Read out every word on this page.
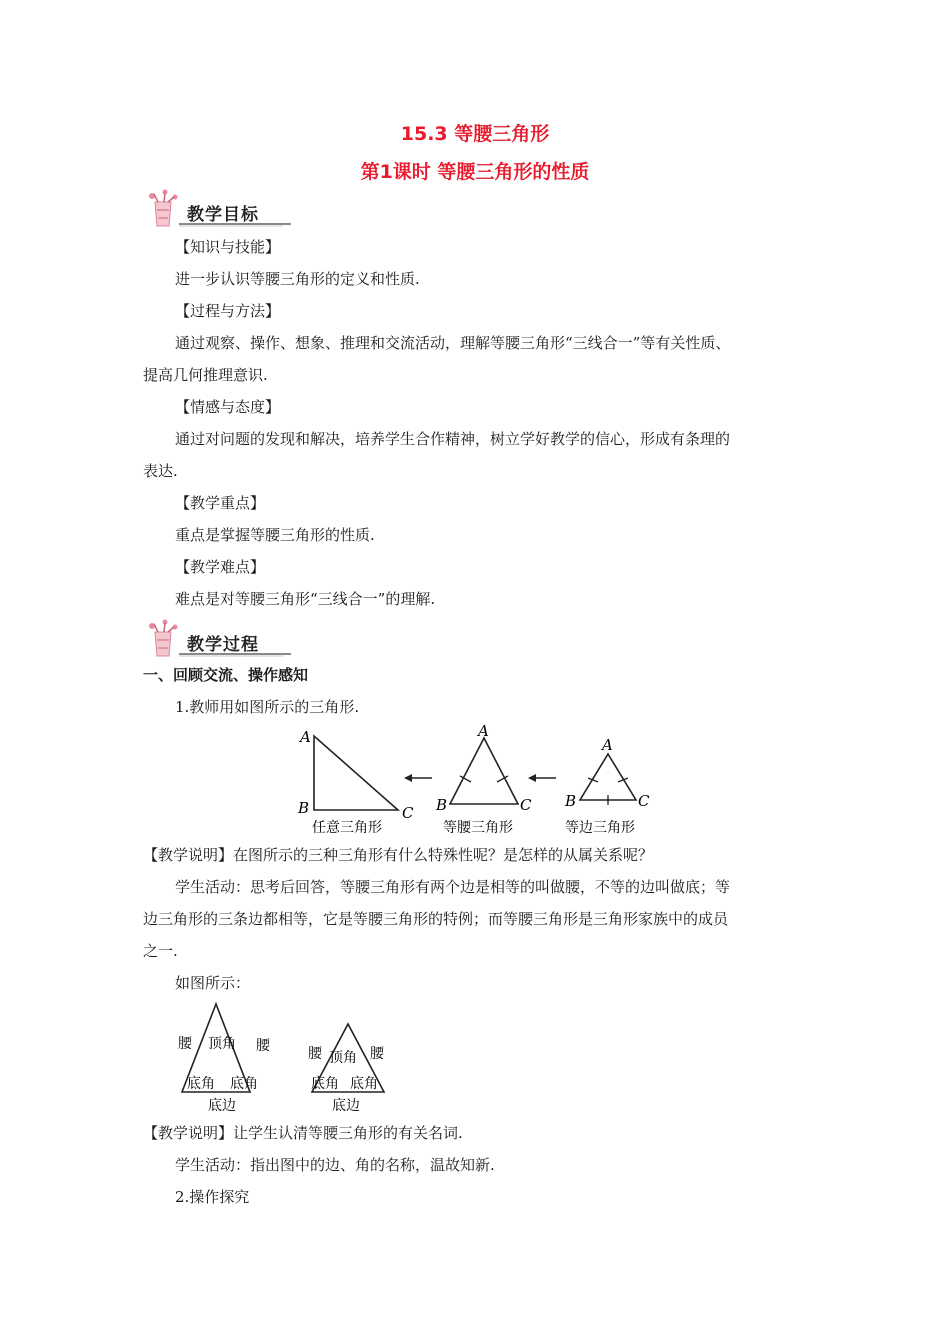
15.3 等腰三角形
第1课时 等腰三角形的性质
教学目标
【知识与技能】
进一步认识等腰三角形的定义和性质.
【过程与方法】
通过观察、操作、想象、推理和交流活动，理解等腰三角形“三线合一”等有关性质、
提高几何推理意识.
【情感与态度】
通过对问题的发现和解决，培养学生合作精神，树立学好教学的信心，形成有条理的
表达.
【教学重点】
重点是掌握等腰三角形的性质.
【教学难点】
难点是对等腰三角形“三线合一”的理解.
教学过程
一、回顾交流、操作感知
1.教师用如图所示的三角形.
A
B	C
任意三角形
A
B	C
等腰三角形
A
B	C
等边三角形
【教学说明】在图所示的三种三角形有什么特殊性呢？是怎样的从属关系呢？
学生活动：思考后回答，等腰三角形有两个边是相等的叫做腰，不等的边叫做底；等
边三角形的三条边都相等，它是等腰三角形的特例；而等腰三角形是三角形家族中的成员
之一.
如图所示：
腰	腰
顶角
底角 底角
底边
腰	腰
顶角
底角 底角
底边
【教学说明】让学生认清等腰三角形的有关名词.
学生活动：指出图中的边、角的名称，温故知新.
2.操作探究
